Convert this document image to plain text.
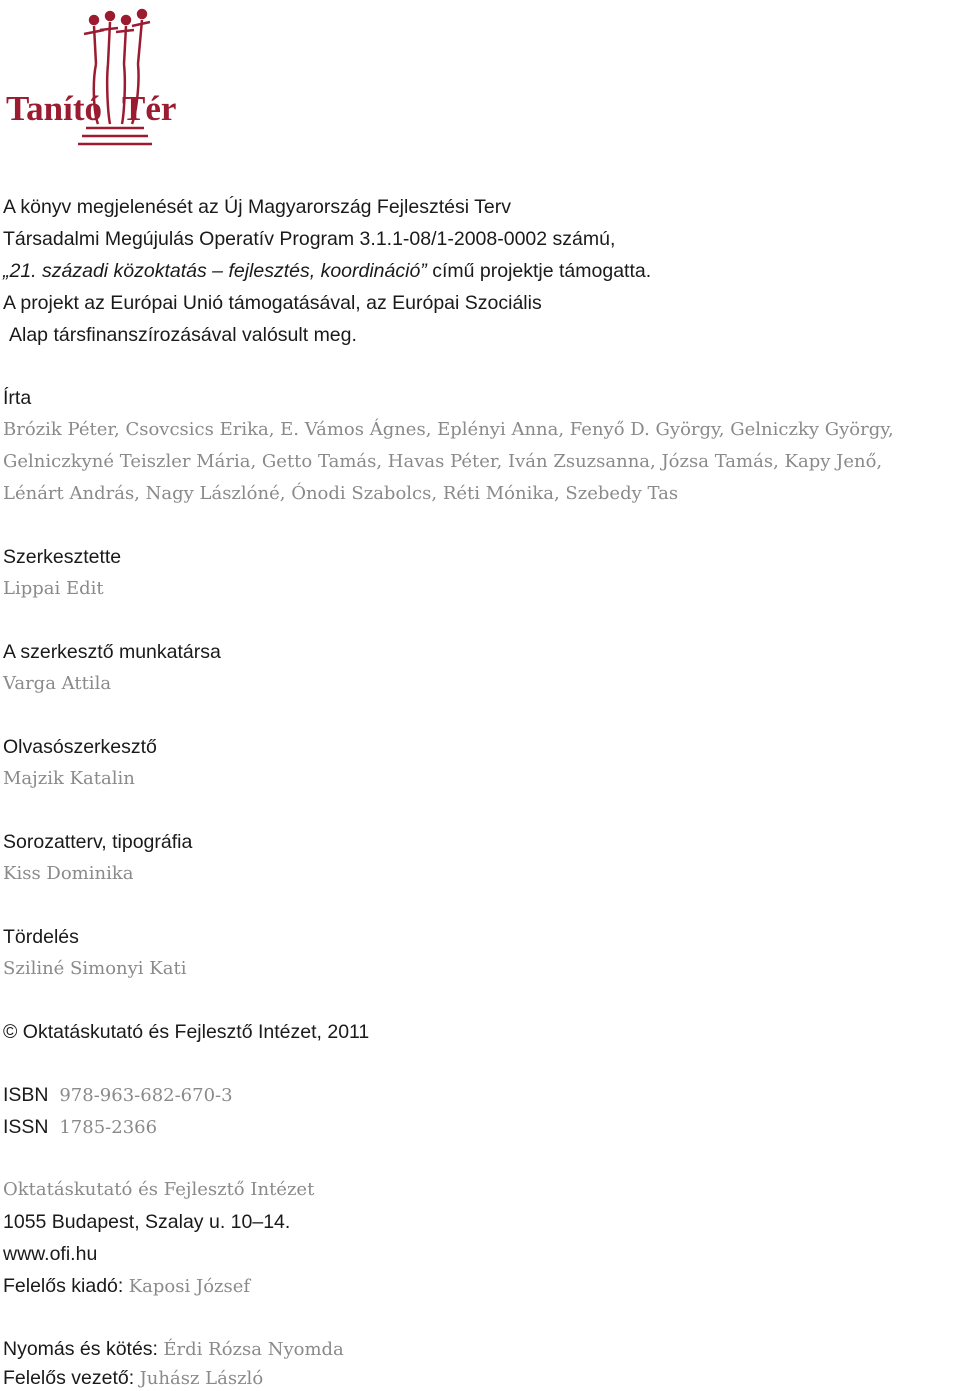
Tanító Tér
A könyv megjelenését az Új Magyarország Fejlesztési Terv
Társadalmi Megújulás Operatív Program 3.1.1-08/1-2008-0002 számú,
„21. századi közoktatás – fejlesztés, koordináció” című projektje támogatta.
A projekt az Európai Unió támogatásával, az Európai Szociális
Alap társfinanszírozásával valósult meg.
Írta
Brózik Péter, Csovcsics Erika, E. Vámos Ágnes, Eplényi Anna, Fenyő D. György, Gelniczky György,
Gelniczkyné Teiszler Mária, Getto Tamás, Havas Péter, Iván Zsuzsanna, Józsa Tamás, Kapy Jenő,
Lénárt András, Nagy Lászlóné, Ónodi Szabolcs, Réti Mónika, Szebedy Tas
Szerkesztette
Lippai Edit
A szerkesztő munkatársa
Varga Attila
Olvasószerkesztő
Majzik Katalin
Sorozatterv, tipográfia
Kiss Dominika
Tördelés
Sziliné Simonyi Kati
© Oktatáskutató és Fejlesztő Intézet, 2011
ISBN 978-963-682-670-3
ISSN 1785-2366
Oktatáskutató és Fejlesztő Intézet
1055 Budapest, Szalay u. 10–14.
www.ofi.hu
Felelős kiadó: Kaposi József
Nyomás és kötés: Érdi Rózsa Nyomda
Felelős vezető: Juhász László
